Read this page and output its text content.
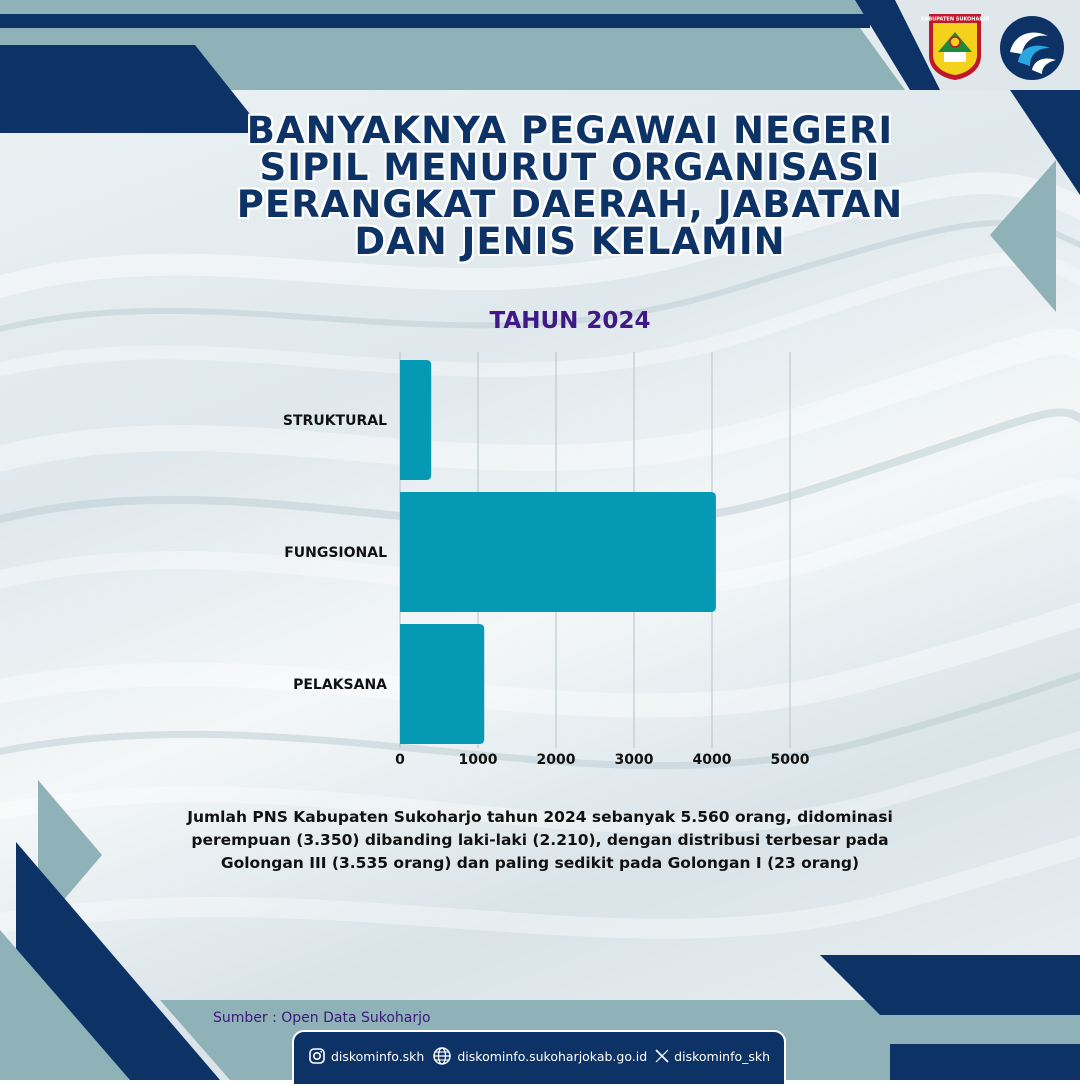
KABUPATEN SUKOHARJO
BANYAKNYA PEGAWAI NEGERI SIPIL MENURUT ORGANISASI PERANGKAT DAERAH, JABATAN DAN JENIS KELAMIN
TAHUN 2024
0	1000	2000	3000	4000	5000
STRUKTURAL
FUNGSIONAL
PELAKSANA
Jumlah PNS Kabupaten Sukoharjo tahun 2024 sebanyak 5.560 orang, didominasi perempuan (3.350) dibanding laki-laki (2.210), dengan distribusi terbesar pada Golongan III (3.535 orang) dan paling sedikit pada Golongan I (23 orang)
Sumber : Open Data Sukoharjo
diskominfo.skh	diskominfo.sukoharjokab.go.id diskominfo_skh
